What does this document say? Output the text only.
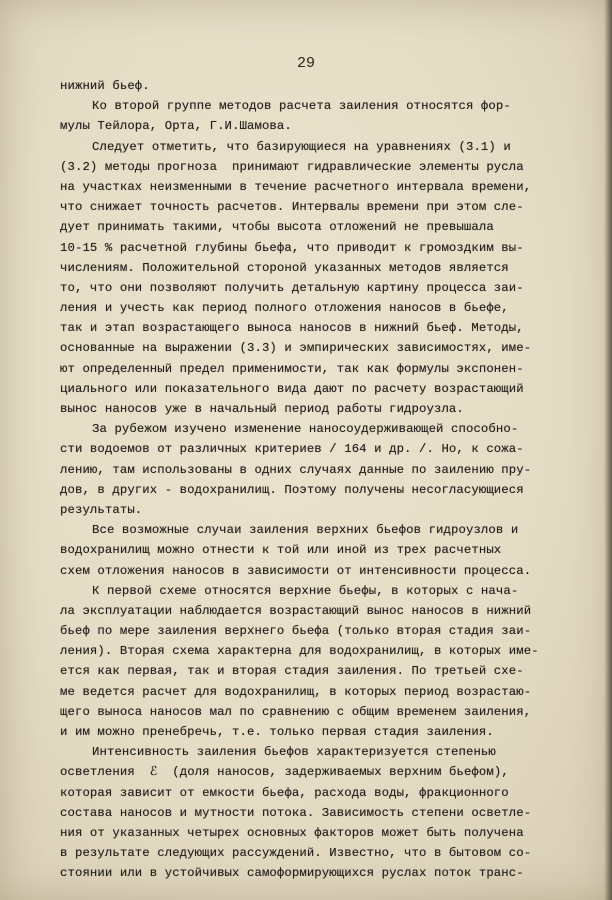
29
нижний бьеф.
Ко второй группе методов расчета заиления относятся фор-
мулы Тейлора, Орта, Г.И.Шамова.
Следует отметить, что базирующиеся на уравнениях (3.1) и
(3.2) методы прогноза  принимают гидравлические элементы русла
на участках неизменными в течение расчетного интервала времени,
что снижает точность расчетов. Интервалы времени при этом сле-
дует принимать такими, чтобы высота отложений не превышала
10-15 % расчетной глубины бьефа, что приводит к громоздким вы-
числениям. Положительной стороной указанных методов является
то, что они позволяют получить детальную картину процесса заи-
ления и учесть как период полного отложения наносов в бьефе,
так и этап возрастающего выноса наносов в нижний бьеф. Методы,
основанные на выражении (3.3) и эмпирических зависимостях, име-
ют определенный предел применимости, так как формулы экспонен-
циального или показательного вида дают по расчету возрастающий
вынос наносов уже в начальный период работы гидроузла.
За рубежом изучено изменение наносоудерживающей способно-
сти водоемов от различных критериев / 164 и др. /. Но, к сожа-
лению, там использованы в одних случаях данные по заилению пру-
дов, в других - водохранилищ. Поэтому получены несогласующиеся
результаты.
Все возможные случаи заиления верхних бьефов гидроузлов и
водохранилищ можно отнести к той или иной из трех расчетных
схем отложения наносов в зависимости от интенсивности процесса.
К первой схеме относятся верхние бьефы, в которых с нача-
ла эксплуатации наблюдается возрастающий вынос наносов в нижний
бьеф по мере заиления верхнего бьефа (только вторая стадия заи-
ления). Вторая схема характерна для водохранилищ, в которых име-
ется как первая, так и вторая стадия заиления. По третьей схе-
ме ведется расчет для водохранилищ, в которых период возрастаю-
щего выноса наносов мал по сравнению с общим временем заиления,
и им можно пренебречь, т.е. только первая стадия заиления.
Интенсивность заиления бьефов характеризуется степенью
осветления  ℰ  (доля наносов, задерживаемых верхним бьефом),
которая зависит от емкости бьефа, расхода воды, фракционного
состава наносов и мутности потока. Зависимость степени осветле-
ния от указанных четырех основных факторов может быть получена
в результате следующих рассуждений. Известно, что в бытовом со-
стоянии или в устойчивых самоформирующихся руслах поток транс-
